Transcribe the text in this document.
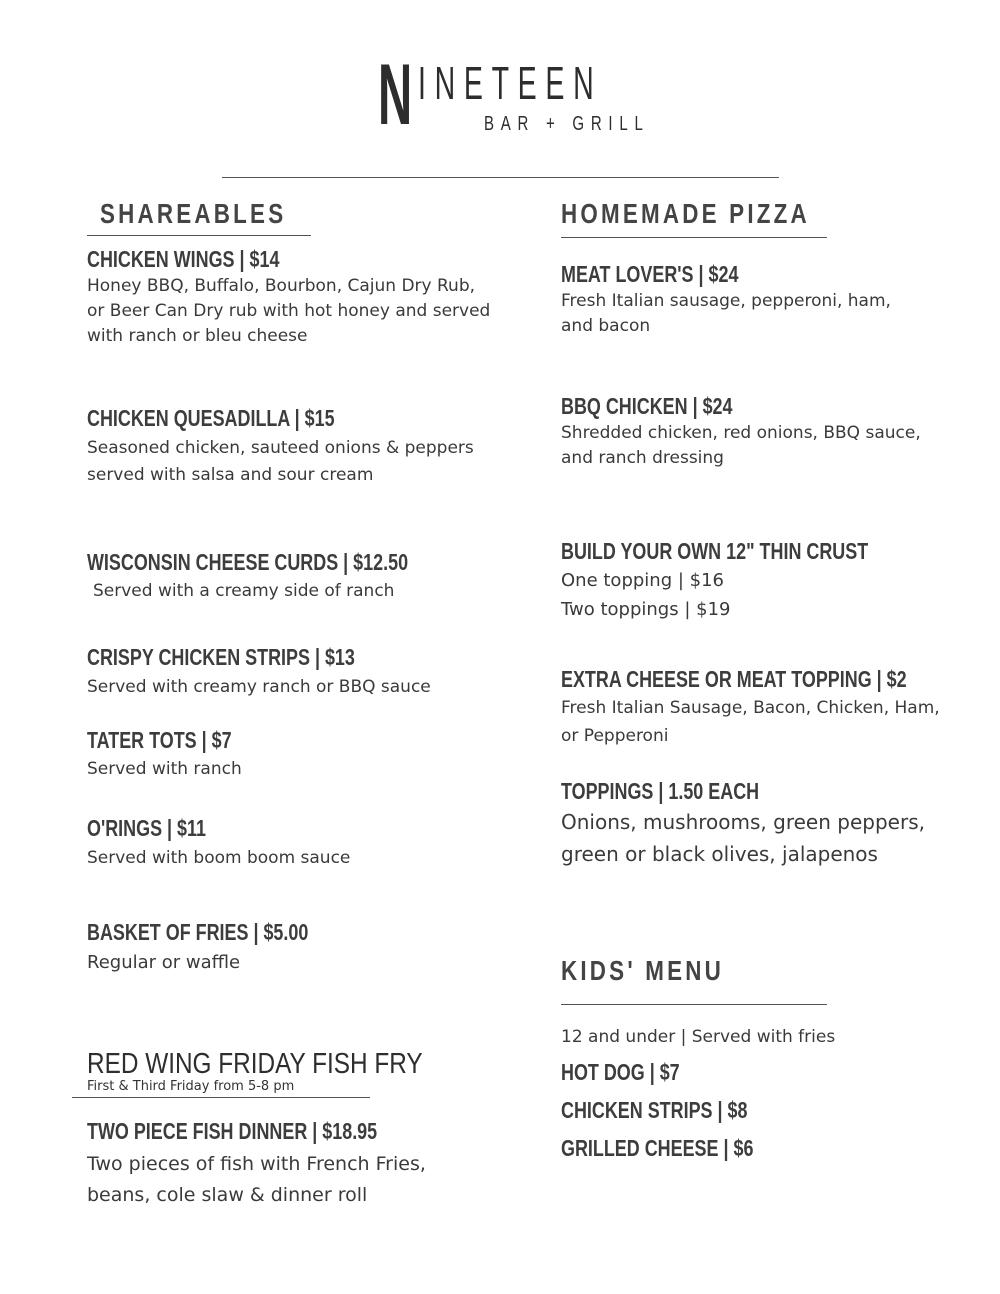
N INETEEN
BAR + GRILL
SHAREABLES
CHICKEN WINGS | $14
Honey BBQ, Buffalo, Bourbon, Cajun Dry Rub, or Beer Can Dry rub with hot honey and served with ranch or bleu cheese
CHICKEN QUESADILLA | $15
Seasoned chicken, sauteed onions & peppers served with salsa and sour cream
WISCONSIN CHEESE CURDS | $12.50
Served with a creamy side of ranch
CRISPY CHICKEN STRIPS | $13
Served with creamy ranch or BBQ sauce
TATER TOTS | $7
Served with ranch
O'RINGS | $11
Served with boom boom sauce
BASKET OF FRIES | $5.00
Regular or waffle
RED WING FRIDAY FISH FRY
First & Third Friday from 5-8 pm
TWO PIECE FISH DINNER | $18.95
Two pieces of fish with French Fries, beans, cole slaw & dinner roll
HOMEMADE PIZZA
MEAT LOVER'S | $24
Fresh Italian sausage, pepperoni, ham, and bacon
BBQ CHICKEN | $24
Shredded chicken, red onions, BBQ sauce, and ranch dressing
BUILD YOUR OWN 12" THIN CRUST
One topping | $16
Two toppings | $19
EXTRA CHEESE OR MEAT TOPPING | $2
Fresh Italian Sausage, Bacon, Chicken, Ham, or Pepperoni
TOPPINGS | 1.50 EACH
Onions, mushrooms, green peppers, green or black olives, jalapenos
KIDS' MENU
12 and under | Served with fries
HOT DOG | $7
CHICKEN STRIPS | $8
GRILLED CHEESE | $6
